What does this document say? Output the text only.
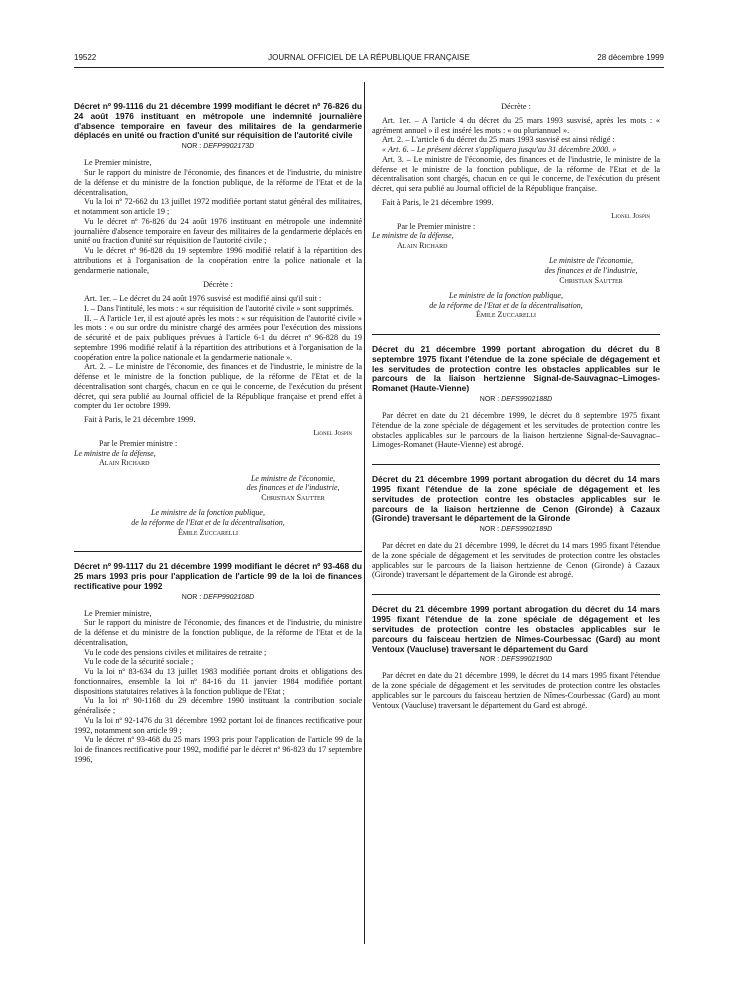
19522	JOURNAL OFFICIEL DE LA RÉPUBLIQUE FRANÇAISE	28 décembre 1999

Décret nº 99-1116 du 21 décembre 1999 modifiant le décret nº 76-826 du 24 août 1976 instituant en métropole une indemnité journalière d'absence temporaire en faveur des militaires de la gendarmerie déplacés en unité ou fraction d'unité sur réquisition de l'autorité civile

NOR : DEFP9902173D

Le Premier ministre,

Sur le rapport du ministre de l'économie, des finances et de l'industrie, du ministre de la défense et du ministre de la fonction publique, de la réforme de l'Etat et de la décentralisation,

Vu la loi nº 72-662 du 13 juillet 1972 modifiée portant statut général des militaires, et notamment son article 19 ;

Vu le décret nº 76-826 du 24 août 1976 instituant en métropole une indemnité journalière d'absence temporaire en faveur des militaires de la gendarmerie déplacés en unité ou fraction d'unité sur réquisition de l'autorité civile ;

Vu le décret nº 96-828 du 19 septembre 1996 modifié relatif à la répartition des attributions et à l'organisation de la coopération entre la police nationale et la gendarmerie nationale,

Décrète :

Art. 1er. – Le décret du 24 août 1976 susvisé est modifié ainsi qu'il suit :

I. – Dans l'intitulé, les mots : « sur réquisition de l'autorité civile » sont supprimés.

II. – A l'article 1er, il est ajouté après les mots : « sur réquisition de l'autorité civile » les mots : « ou sur ordre du ministre chargé des armées pour l'exécution des missions de sécurité et de paix publiques prévues à l'article 6-1 du décret nº 96-828 du 19 septembre 1996 modifié relatif à la répartition des attributions et à l'organisation de la coopération entre la police nationale et la gendarmerie nationale ».

Art. 2. – Le ministre de l'économie, des finances et de l'industrie, le ministre de la défense et le ministre de la fonction publique, de la réforme de l'Etat et de la décentralisation sont chargés, chacun en ce qui le concerne, de l'exécution du présent décret, qui sera publié au Journal officiel de la République française et prend effet à compter du 1er octobre 1999.

Fait à Paris, le 21 décembre 1999.

Lionel Jospin

Par le Premier ministre :

Le ministre de la défense,

Alain Richard

Le ministre de l'économie,

des finances et de l'industrie,

Christian Sautter

Le ministre de la fonction publique,

de la réforme de l'Etat et de la décentralisation,

Émile Zuccarelli

Décret nº 99-1117 du 21 décembre 1999 modifiant le décret nº 93-468 du 25 mars 1993 pris pour l'application de l'article 99 de la loi de finances rectificative pour 1992

NOR : DEFP9902108D

Le Premier ministre,

Sur le rapport du ministre de l'économie, des finances et de l'industrie, du ministre de la défense et du ministre de la fonction publique, de la réforme de l'Etat et de la décentralisation,

Vu le code des pensions civiles et militaires de retraite ;

Vu le code de la sécurité sociale ;

Vu la loi nº 83-634 du 13 juillet 1983 modifiée portant droits et obligations des fonctionnaires, ensemble la loi nº 84-16 du 11 janvier 1984 modifiée portant dispositions statutaires relatives à la fonction publique de l'Etat ;

Vu la loi nº 90-1168 du 29 décembre 1990 instituant la contribution sociale généralisée ;

Vu la loi nº 92-1476 du 31 décembre 1992 portant loi de finances rectificative pour 1992, notamment son article 99 ;

Vu le décret nº 93-468 du 25 mars 1993 pris pour l'application de l'article 99 de la loi de finances rectificative pour 1992, modifié par le décret nº 96-823 du 17 septembre 1996,

Décrète :

Art. 1er. – A l'article 4 du décret du 25 mars 1993 susvisé, après les mots : « agrément annuel » il est inséré les mots : « ou pluriannuel ».

Art. 2. – L'article 6 du décret du 25 mars 1993 susvisé est ainsi rédigé :

« Art. 6. – Le présent décret s'appliquera jusqu'au 31 décembre 2000. »

Art. 3. – Le ministre de l'économie, des finances et de l'industrie, le ministre de la défense et le ministre de la fonction publique, de la réforme de l'Etat et de la décentralisation sont chargés, chacun en ce qui le concerne, de l'exécution du présent décret, qui sera publié au Journal officiel de la République française.

Fait à Paris, le 21 décembre 1999.

Lionel Jospin

Par le Premier ministre :

Le ministre de la défense,

Alain Richard

Le ministre de l'économie,

des finances et de l'industrie,

Christian Sautter

Le ministre de la fonction publique,

de la réforme de l'Etat et de la décentralisation,

Émile Zuccarelli

Décret du 21 décembre 1999 portant abrogation du décret du 8 septembre 1975 fixant l'étendue de la zone spéciale de dégagement et les servitudes de protection contre les obstacles applicables sur le parcours de la liaison hertzienne Signal-de-Sauvagnac–Limoges-Romanet (Haute-Vienne)

NOR : DEFS9902188D

Par décret en date du 21 décembre 1999, le décret du 8 septembre 1975 fixant l'étendue de la zone spéciale de dégagement et les servitudes de protection contre les obstacles applicables sur le parcours de la liaison hertzienne Signal-de-Sauvagnac–Limoges-Romanet (Haute-Vienne) est abrogé.

Décret du 21 décembre 1999 portant abrogation du décret du 14 mars 1995 fixant l'étendue de la zone spéciale de dégagement et les servitudes de protection contre les obstacles applicables sur le parcours de la liaison hertzienne de Cenon (Gironde) à Cazaux (Gironde) traversant le département de la Gironde

NOR : DEFS9902189D

Par décret en date du 21 décembre 1999, le décret du 14 mars 1995 fixant l'étendue de la zone spéciale de dégagement et les servitudes de protection contre les obstacles applicables sur le parcours de la liaison hertzienne de Cenon (Gironde) à Cazaux (Gironde) traversant le département de la Gironde est abrogé.

Décret du 21 décembre 1999 portant abrogation du décret du 14 mars 1995 fixant l'étendue de la zone spéciale de dégagement et les servitudes de protection contre les obstacles applicables sur le parcours du faisceau hertzien de Nîmes-Courbessac (Gard) au mont Ventoux (Vaucluse) traversant le département du Gard

NOR : DEFS9902190D

Par décret en date du 21 décembre 1999, le décret du 14 mars 1995 fixant l'étendue de la zone spéciale de dégagement et les servitudes de protection contre les obstacles applicables sur le parcours du faisceau hertzien de Nîmes-Courbessac (Gard) au mont Ventoux (Vaucluse) traversant le département du Gard est abrogé.
